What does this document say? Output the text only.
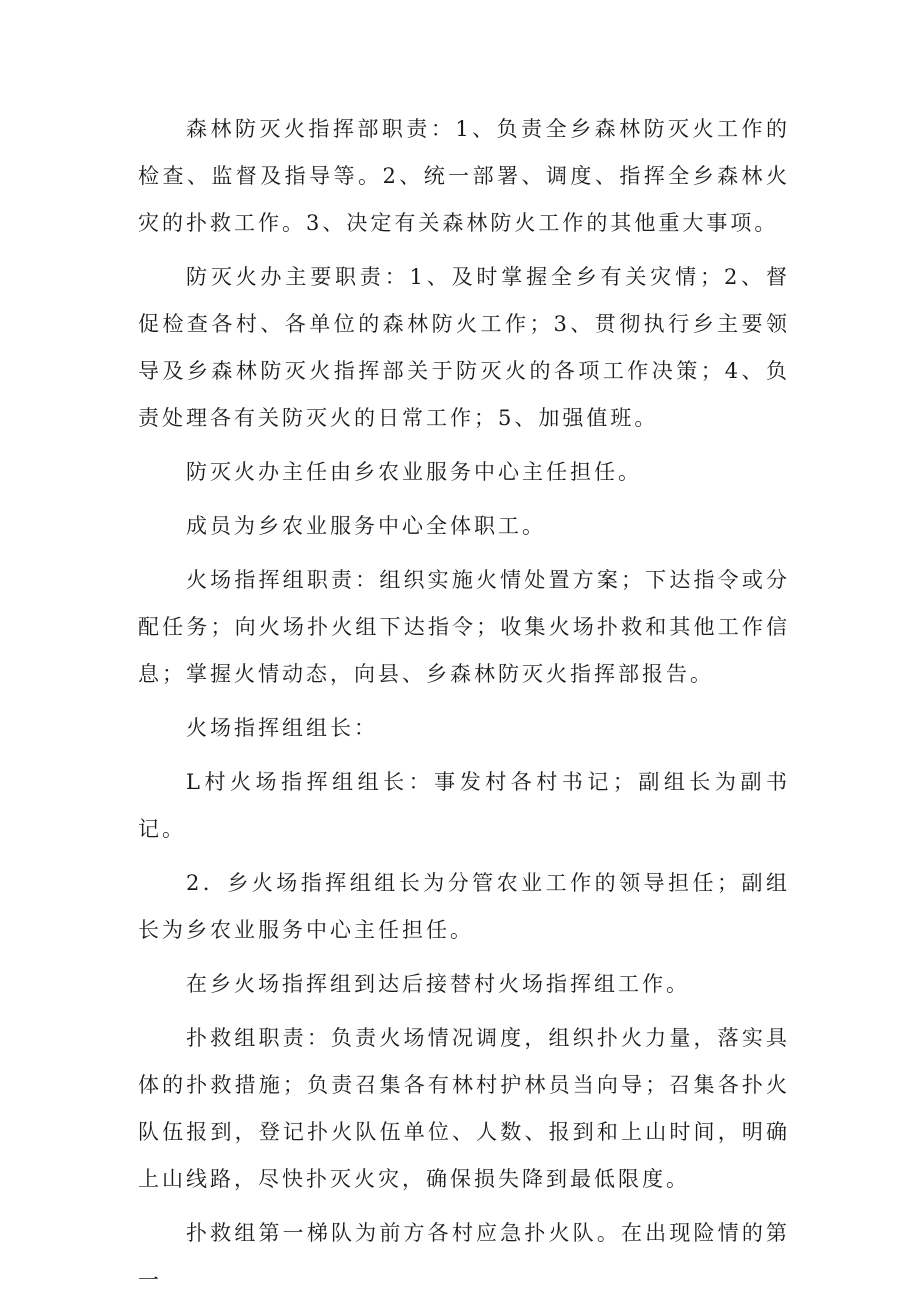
森林防灭火指挥部职责：1、负责全乡森林防灭火工作的检查、监督及指导等。2、统一部署、调度、指挥全乡森林火灾的扑救工作。3、决定有关森林防火工作的其他重大事项。

防灭火办主要职责：1、及时掌握全乡有关灾情；2、督促检查各村、各单位的森林防火工作；3、贯彻执行乡主要领导及乡森林防灭火指挥部关于防灭火的各项工作决策；4、负责处理各有关防灭火的日常工作；5、加强值班。

防灭火办主任由乡农业服务中心主任担任。

成员为乡农业服务中心全体职工。

火场指挥组职责：组织实施火情处置方案；下达指令或分配任务；向火场扑火组下达指令；收集火场扑救和其他工作信息；掌握火情动态，向县、乡森林防灭火指挥部报告。

火场指挥组组长：

L村火场指挥组组长：事发村各村书记；副组长为副书记。

2．乡火场指挥组组长为分管农业工作的领导担任；副组长为乡农业服务中心主任担任。

在乡火场指挥组到达后接替村火场指挥组工作。

扑救组职责：负责火场情况调度，组织扑火力量，落实具体的扑救措施；负责召集各有林村护林员当向导；召集各扑火队伍报到，登记扑火队伍单位、人数、报到和上山时间，明确上山线路，尽快扑灭火灾，确保损失降到最低限度。

扑救组第一梯队为前方各村应急扑火队。在出现险情的第一
